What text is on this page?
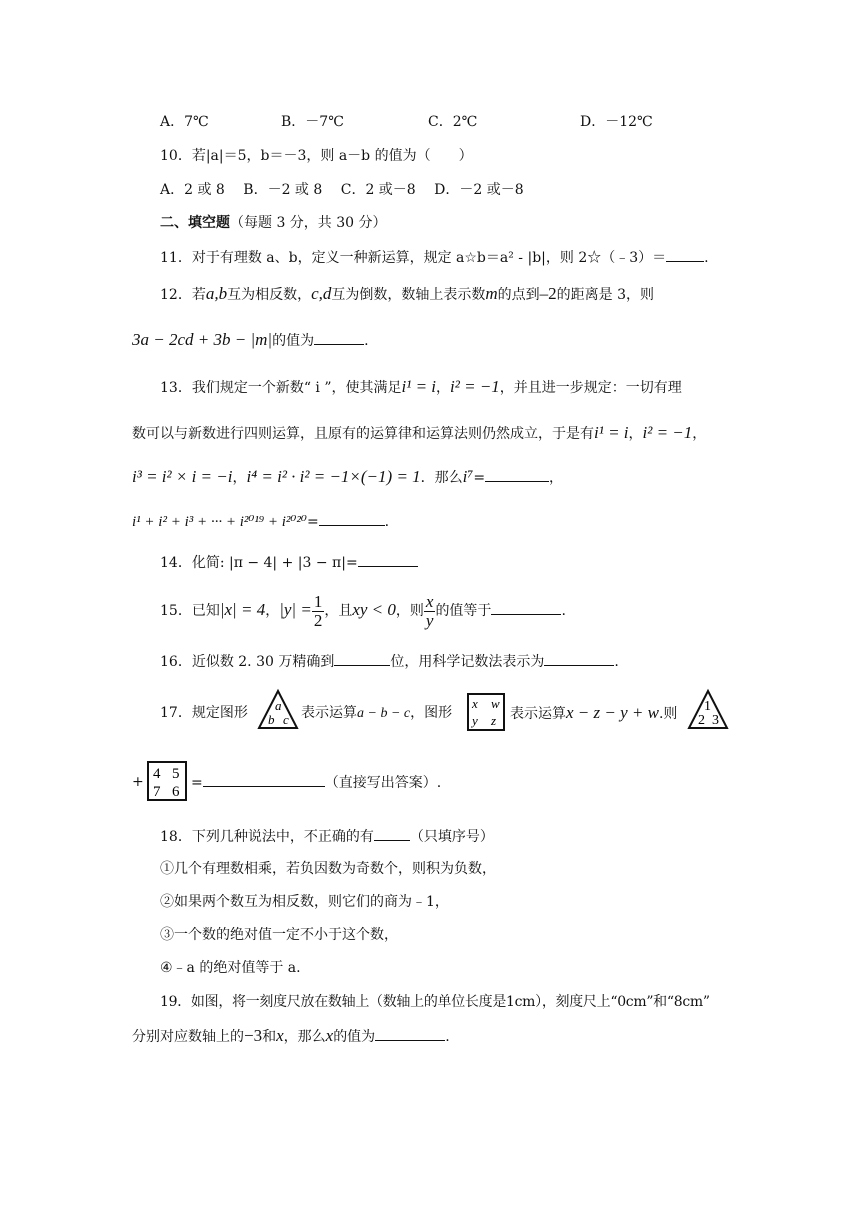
A．7℃	B．－7℃	C．2℃	D．－12℃
10．若|a|＝5，b＝－3，则 a－b 的值为（　　）
A．2 或 8　 B．－2 或 8　 C．2 或－8　 D．－2 或－8
二、填空题（每题 3 分，共 30 分）
11．对于有理数 a、b，定义一种新运算，规定 a☆b＝a² - |b|，则 2☆（﹣3）＝	.
12．若a,b互为相反数，c,d互为倒数，数轴上表示数m的点到–2的距离是 3，则
3a − 2cd + 3b − |m|的值为	.
13．我们规定一个新数“ i ”，使其满足i¹ = i，i² = −1，并且进一步规定：一切有理
数可以与新数进行四则运算，且原有的运算律和运算法则仍然成立，于是有i¹ = i，i² = −1，
i³ = i² × i = −i，i⁴ = i² · i² = −1×(−1) = 1．那么i⁷=	，
i¹ + i² + i³ + ··· + i²⁰¹⁹ + i²⁰²⁰=	.
14．化简: |π − 4| + |3 − π|=
15．已知|x| = 4，$|y| = \frac{1}{2}$ ，且xy < 0，则 $\frac{x}{y}$ 的值等于	.
16．近似数 2. 30 万精确到	位，用科学记数法表示为	.
17．规定图形 a
b c 表示运算a − b − c，图形
x w
y z 表示运算x − z − y + w.则 1
2 3
+ 4 5
7 6
=	（直接写出答案）.
18．下列几种说法中，不正确的有	（只填序号）
①几个有理数相乘，若负因数为奇数个，则积为负数，
②如果两个数互为相反数，则它们的商为﹣1，
③一个数的绝对值一定不小于这个数，
④﹣a 的绝对值等于 a.
19．如图，将一刻度尺放在数轴上（数轴上的单位长度是1cm），刻度尺上“0cm”和“8cm”
分别对应数轴上的−3和x，那么x的值为	.
